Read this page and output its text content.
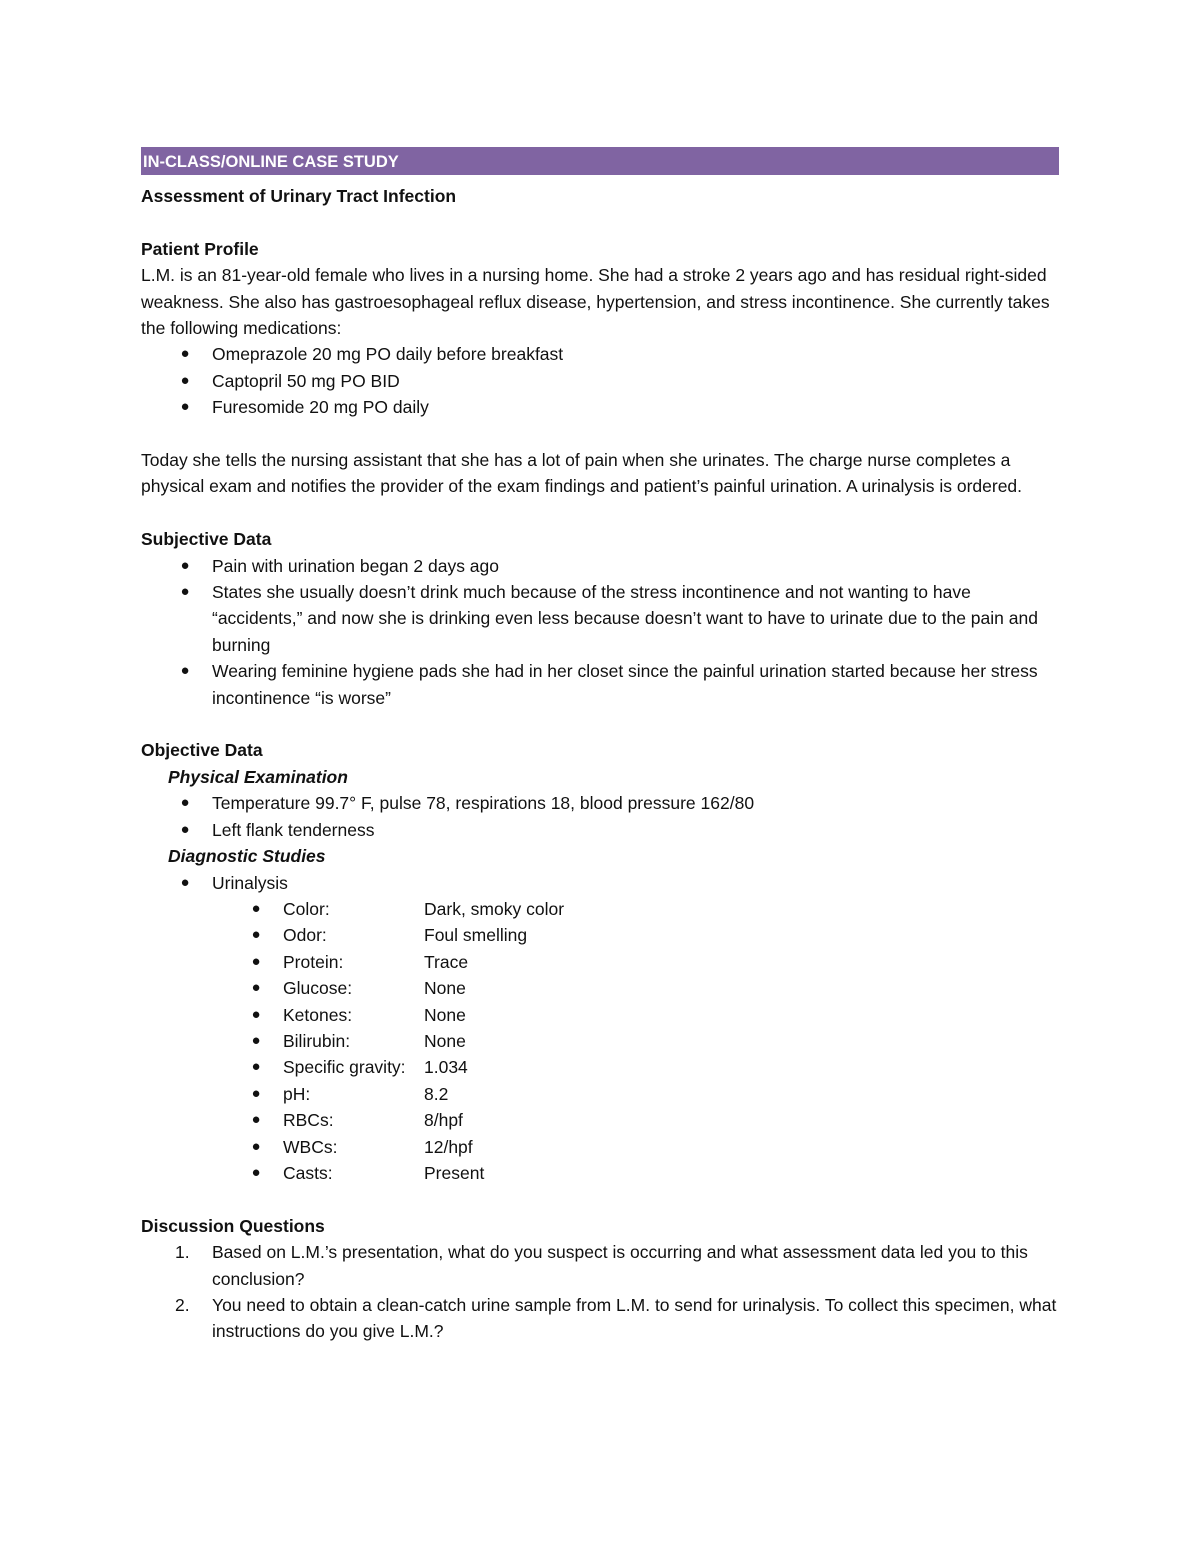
IN-CLASS/ONLINE CASE STUDY
Assessment of Urinary Tract Infection
Patient Profile
L.M. is an 81-year-old female who lives in a nursing home. She had a stroke 2 years ago and has residual right-sided weakness. She also has gastroesophageal reflux disease, hypertension, and stress incontinence. She currently takes the following medications:
●	Omeprazole 20 mg PO daily before breakfast
●	Captopril 50 mg PO BID
●	Furesomide 20 mg PO daily
Today she tells the nursing assistant that she has a lot of pain when she urinates. The charge nurse completes a physical exam and notifies the provider of the exam findings and patient’s painful urination. A urinalysis is ordered.
Subjective Data
●	Pain with urination began 2 days ago
●	States she usually doesn’t drink much because of the stress incontinence and not wanting to have “accidents,” and now she is drinking even less because doesn’t want to have to urinate due to the pain and burning
●	Wearing feminine hygiene pads she had in her closet since the painful urination started because her stress incontinence “is worse”
Objective Data
Physical Examination
●	Temperature 99.7° F, pulse 78, respirations 18, blood pressure 162/80
●	Left flank tenderness
Diagnostic Studies
●	Urinalysis
●	Color:	Dark, smoky color
●	Odor:	Foul smelling
●	Protein:	Trace
●	Glucose:	None
●	Ketones:	None
●	Bilirubin:	None
●	Specific gravity: 1.034
●	pH:	8.2
●	RBCs:	8/hpf
●	WBCs:	12/hpf
●	Casts:	Present
Discussion Questions
1. Based on L.M.’s presentation, what do you suspect is occurring and what assessment data led you to this conclusion?
2. You need to obtain a clean-catch urine sample from L.M. to send for urinalysis. To collect this specimen, what instructions do you give L.M.?
